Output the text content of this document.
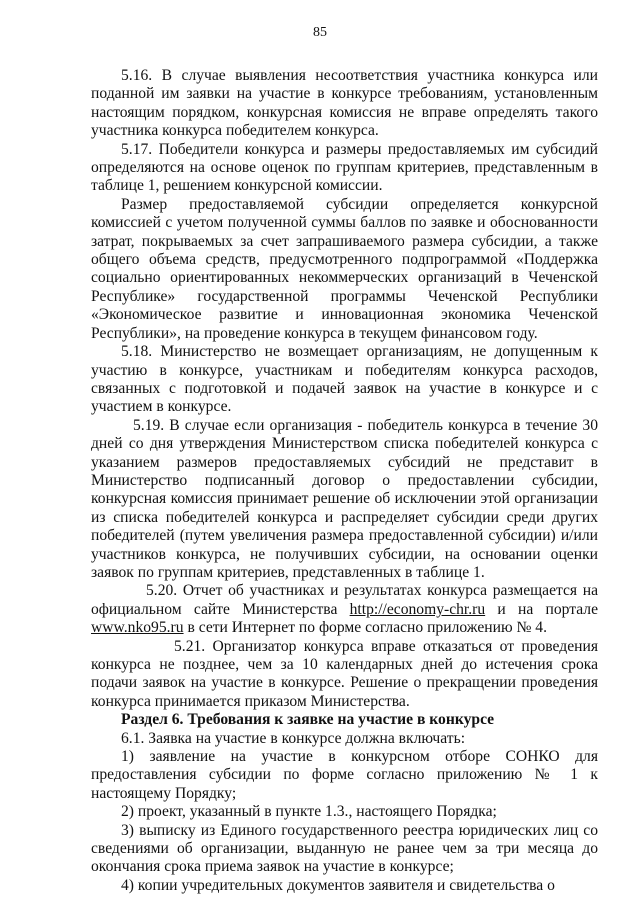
85

5.16. В случае выявления несоответствия участника конкурса или поданной им заявки на участие в конкурсе требованиям, установленным настоящим порядком, конкурсная комиссия не вправе определять такого участника конкурса победителем конкурса.

5.17. Победители конкурса и размеры предоставляемых им субсидий определяются на основе оценок по группам критериев, представленным в таблице 1, решением конкурсной комиссии.

Размер предоставляемой субсидии определяется конкурсной комиссией с учетом полученной суммы баллов по заявке и обоснованности затрат, покрываемых за счет запрашиваемого размера субсидии, а также общего объема средств, предусмотренного подпрограммой «Поддержка социально ориентированных некоммерческих организаций в Чеченской Республике» государственной программы Чеченской Республики «Экономическое развитие и инновационная экономика Чеченской Республики», на проведение конкурса в текущем финансовом году.

5.18. Министерство не возмещает организациям, не допущенным к участию в конкурсе, участникам и победителям конкурса расходов, связанных с подготовкой и подачей заявок на участие в конкурсе и с участием в конкурсе.

5.19. В случае если организация - победитель конкурса в течение 30 дней со дня утверждения Министерством списка победителей конкурса с указанием размеров предоставляемых субсидий не представит в Министерство подписанный договор о предоставлении субсидии, конкурсная комиссия принимает решение об исключении этой организации из списка победителей конкурса и распределяет субсидии среди других победителей (путем увеличения размера предоставленной субсидии) и/или участников конкурса, не получивших субсидии, на основании оценки заявок по группам критериев, представленных в таблице 1.

5.20. Отчет об участниках и результатах конкурса размещается на официальном сайте Министерства http://economy-chr.ru и на портале www.nko95.ru в сети Интернет по форме согласно приложению № 4.

5.21. Организатор конкурса вправе отказаться от проведения конкурса не позднее, чем за 10 календарных дней до истечения срока подачи заявок на участие в конкурсе. Решение о прекращении проведения конкурса принимается приказом Министерства.

Раздел 6. Требования к заявке на участие в конкурсе

6.1. Заявка на участие в конкурсе должна включать:

1) заявление на участие в конкурсном отборе СОНКО для предоставления субсидии по форме согласно приложению № 1 к настоящему Порядку;

2) проект, указанный в пункте 1.3., настоящего Порядка;

3) выписку из Единого государственного реестра юридических лиц со сведениями об организации, выданную не ранее чем за три месяца до окончания срока приема заявок на участие в конкурсе;

4) копии учредительных документов заявителя и свидетельства о
